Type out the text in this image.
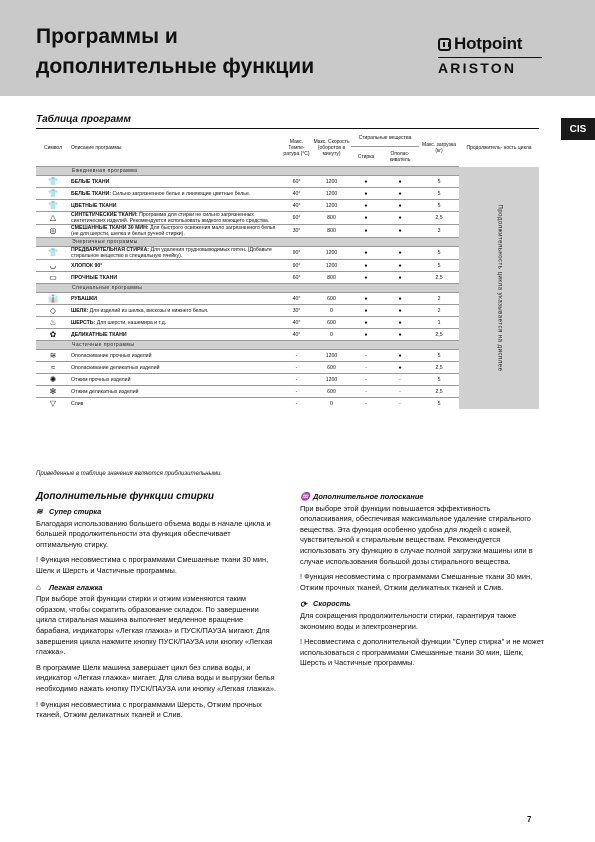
Программы и
дополнительные функции
Hotpoint
ARISTON
CIS
Таблица программ
Символ	Описание программы	Макс. Темпе- ратура (°С)	Макс. Скорость (оборотов в минуту)	Стиральные вещества		Макс. загрузка (кг)	Продолжитель- ность цикла
				Стирка	Ополас- киватель		
Ежедневная программа							Продолжительность цикла указывается на дисплее

👕	БЕЛЫЕ ТКАНИ	60°	1200	●	●	5	
👕	БЕЛЫЕ ТКАНИ: Сильно загрязненное белье и линяющие цветные белье.	40°	1200	●	●	5	
👕	ЦВЕТНЫЕ ТКАНИ	40°	1200	●	●	5	
△	СИНТЕТИЧЕСКИЕ ТКАНИ: Программа для стирки не сильно загрязненных синтетических изделий. Рекомендуется использовать жидкого моющего средства.	60°	800	●	●	2,5	
◎	СМЕШАННЫЕ ТКАНИ 30 МИН: Для быстрого освежения мало загрязненного белья (не для шерсти, шелка и белья ручной стирки).	30°	800	●	●	3	
Энергичные программы							
👕	ПРЕДВАРИТЕЛЬНАЯ СТИРКА: Для удаления трудновыводимых пятен. (Добавьте стиральное вещество в специальную ячейку).	90°	1200	●	●	5	
◡	ХЛОПОК 90°	90°	1200	●	●	5	
▭	ПРОЧНЫЕ ТКАНИ	60°	800	●	●	2,5	
Специальные программы							
👔	РУБАШКИ	40°	600	●	●	2	
◇	ШЕЛК: Для изделий из шелка, вискозы и нижнего белья.	30°	0	●	●	2	
♨	ШЕРСТЬ: Для шерсти, кашемира и т.д.	40°	600	●	●	1	
✿	ДЕЛИКАТНЫЕ ТКАНИ	40°	0	●	●	2,5	
Частичные программы							
≋	Ополаскивание прочных изделий	-	1200	-	●	5	
≈	Ополаскивание деликатных изделий	-	600	-	●	2,5	
✺	Отжим прочных изделий	-	1200	-	-	5	
✻	Отжим деликатных изделий	-	600	-	-	2,5	
▽	Слив	-	0	-	-	5	
Приведенные в таблице значения являются приблизительными.
Дополнительные функции стирки
≋ Супер стирка

Благодаря использованию большего объема воды в начале цикла и большей продолжительности эта функция обеспечивает оптимальную стирку.

! Функция несовместима с программами Смешанные ткани 30 мин, Шелк и Шерсть и Частичные программы.

⌂	Легкая глажка

При выборе этой функции стирки и отжим изменяются таким образом, чтобы сократить образование складок. По завершении цикла стиральная машина выполняет медленное вращение барабана, индикаторы «Легкая глажка» и ПУСК/ПАУЗА мигают. Для завершения цикла нажмите кнопку ПУСК/ПАУЗА или кнопку «Легкая глажка».

В программе Шелк машина завершает цикл без слива воды, и индикатор «Легкая глажка» мигает. Для слива воды и выгрузки белья необходимо нажать кнопку ПУСК/ПАУЗА или кнопку «Легкая глажка».

! Функция несовместима с программами Шерсть, Отжим прочных тканей, Отжим деликатных тканей и Слив.

♒ Дополнительное полоскание

При выборе этой функции повышается эффективность ополаскивания, обеспечивая максимальное удаление стирального вещества. Эта функция особенно удобна для людей с кожей, чувствительной к стиральным веществам. Рекомендуется использовать эту функцию в случае полной загрузки машины или в случае использования большой дозы стирального вещества.

! Функция несовместима с программами Смешанные ткани 30 мин, Отжим прочных тканей, Отжим деликатных тканей и Слив.

⟳ Скорость

Для сокращения продолжительности стирки, гарантируя также экономию воды и электроэнергии.

! Несовместима с дополнительной функции "Супер стирка" и не может использоваться с программами Смешанные ткани 30 мин, Шелк, Шерсть и Частичные программы.

7
